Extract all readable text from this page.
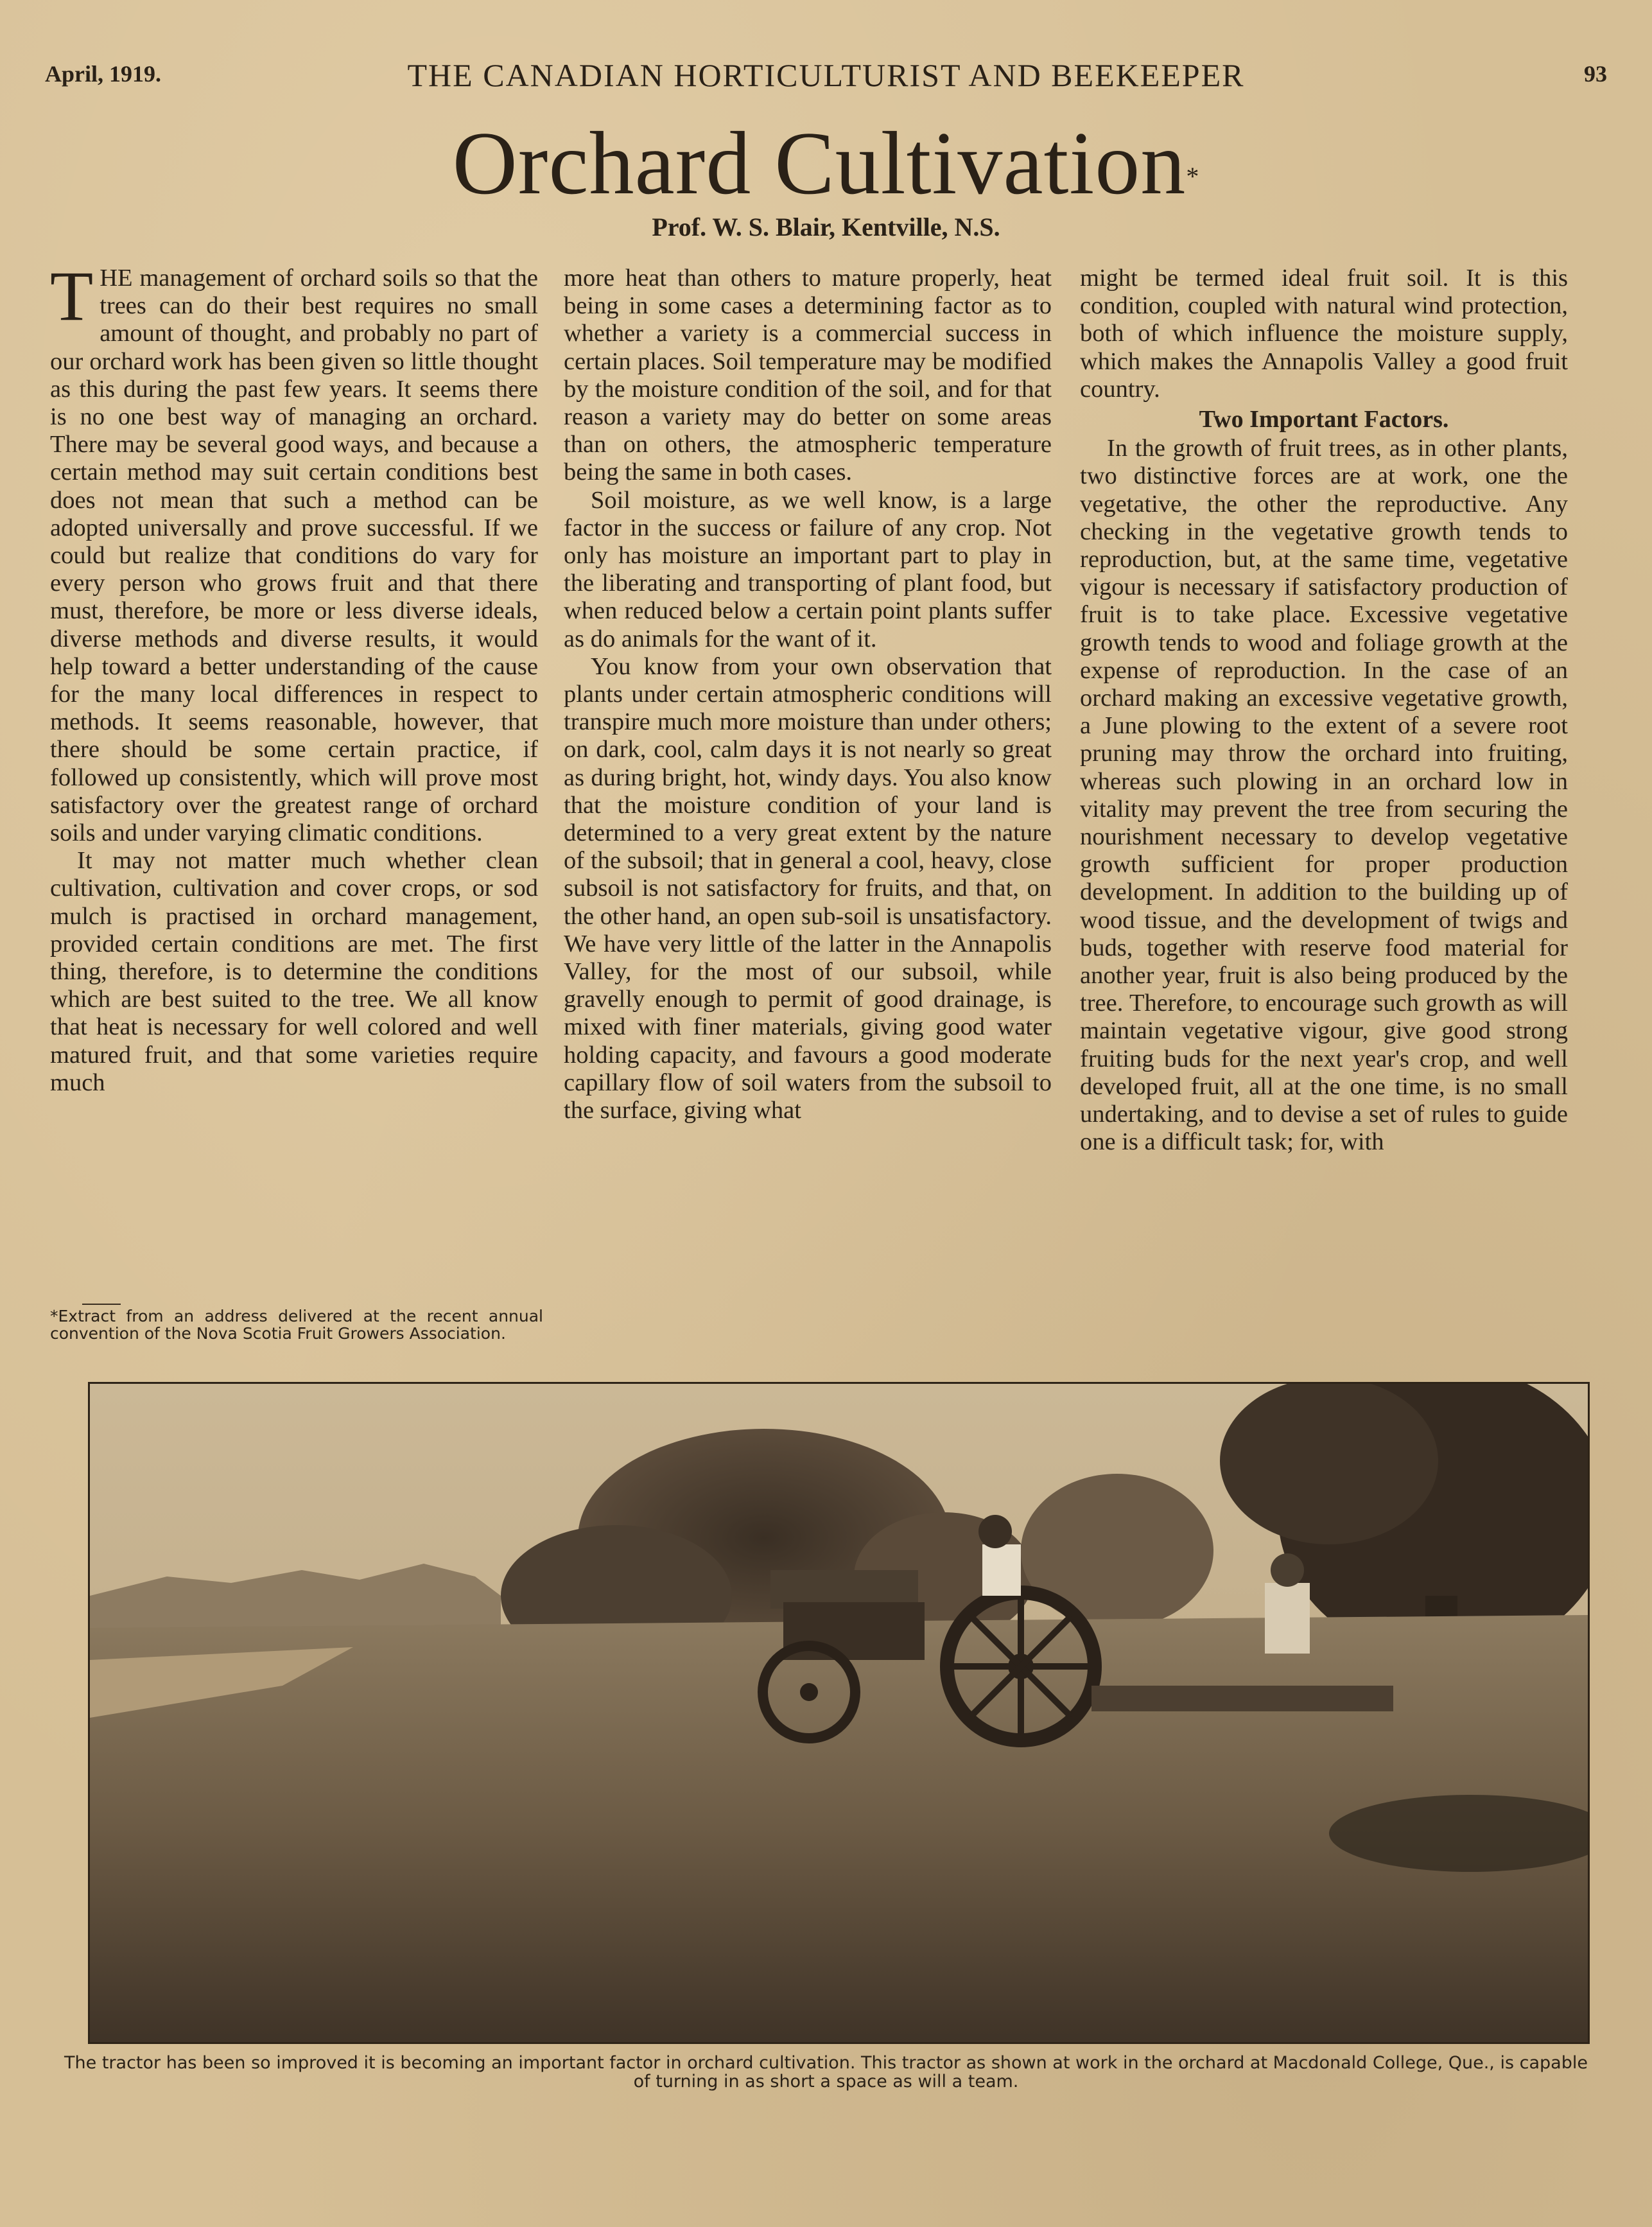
April, 1919.	THE CANADIAN HORTICULTURIST AND BEEKEEPER	93
Orchard Cultivation*
Prof. W. S. Blair, Kentville, N.S.

THE management of orchard soils so that the trees can do their best requires no small amount of thought, and probably no part of our orchard work has been given so little thought as this during the past few years. It seems there is no one best way of managing an orchard. There may be several good ways, and because a certain method may suit certain conditions best does not mean that such a method can be adopted universally and prove successful. If we could but realize that conditions do vary for every person who grows fruit and that there must, therefore, be more or less diverse ideals, diverse methods and diverse results, it would help toward a better understanding of the cause for the many local differences in respect to methods. It seems reasonable, however, that there should be some certain practice, if followed up consistently, which will prove most satisfactory over the greatest range of orchard soils and under varying climatic conditions.

It may not matter much whether clean cultivation, cultivation and cover crops, or sod mulch is practised in orchard management, provided certain conditions are met. The first thing, therefore, is to determine the conditions which are best suited to the tree. We all know that heat is necessary for well colored and well matured fruit, and that some varieties require much

*Extract from an address delivered at the recent annual convention of the Nova Scotia Fruit Growers Association.

more heat than others to mature properly, heat being in some cases a determining factor as to whether a variety is a commercial success in certain places. Soil temperature may be modified by the moisture condition of the soil, and for that reason a variety may do better on some areas than on others, the atmospheric temperature being the same in both cases.

Soil moisture, as we well know, is a large factor in the success or failure of any crop. Not only has moisture an important part to play in the liberating and transporting of plant food, but when reduced below a certain point plants suffer as do animals for the want of it.

You know from your own observation that plants under certain atmospheric conditions will transpire much more moisture than under others; on dark, cool, calm days it is not nearly so great as during bright, hot, windy days. You also know that the moisture condition of your land is determined to a very great extent by the nature of the subsoil; that in general a cool, heavy, close subsoil is not satisfactory for fruits, and that, on the other hand, an open sub-soil is unsatisfactory. We have very little of the latter in the Annapolis Valley, for the most of our subsoil, while gravelly enough to permit of good drainage, is mixed with finer materials, giving good water holding capacity, and favours a good moderate capillary flow of soil waters from the subsoil to the surface, giving what

might be termed ideal fruit soil. It is this condition, coupled with natural wind protection, both of which influence the moisture supply, which makes the Annapolis Valley a good fruit country.

Two Important Factors.

In the growth of fruit trees, as in other plants, two distinctive forces are at work, one the vegetative, the other the reproductive. Any checking in the vegetative growth tends to reproduction, but, at the same time, vegetative vigour is necessary if satisfactory production of fruit is to take place. Excessive vegetative growth tends to wood and foliage growth at the expense of reproduction. In the case of an orchard making an excessive vegetative growth, a June plowing to the extent of a severe root pruning may throw the orchard into fruiting, whereas such plowing in an orchard low in vitality may prevent the tree from securing the nourishment necessary to develop vegetative growth sufficient for proper production development. In addition to the building up of wood tissue, and the development of twigs and buds, together with reserve food material for another year, fruit is also being produced by the tree. Therefore, to encourage such growth as will maintain vegetative vigour, give good strong fruiting buds for the next year's crop, and well developed fruit, all at the one time, is no small undertaking, and to devise a set of rules to guide one is a difficult task; for, with

The tractor has been so improved it is becoming an important factor in orchard cultivation. This tractor as shown at work in the orchard at Macdonald College, Que., is capable of turning in as short a space as will a team.
